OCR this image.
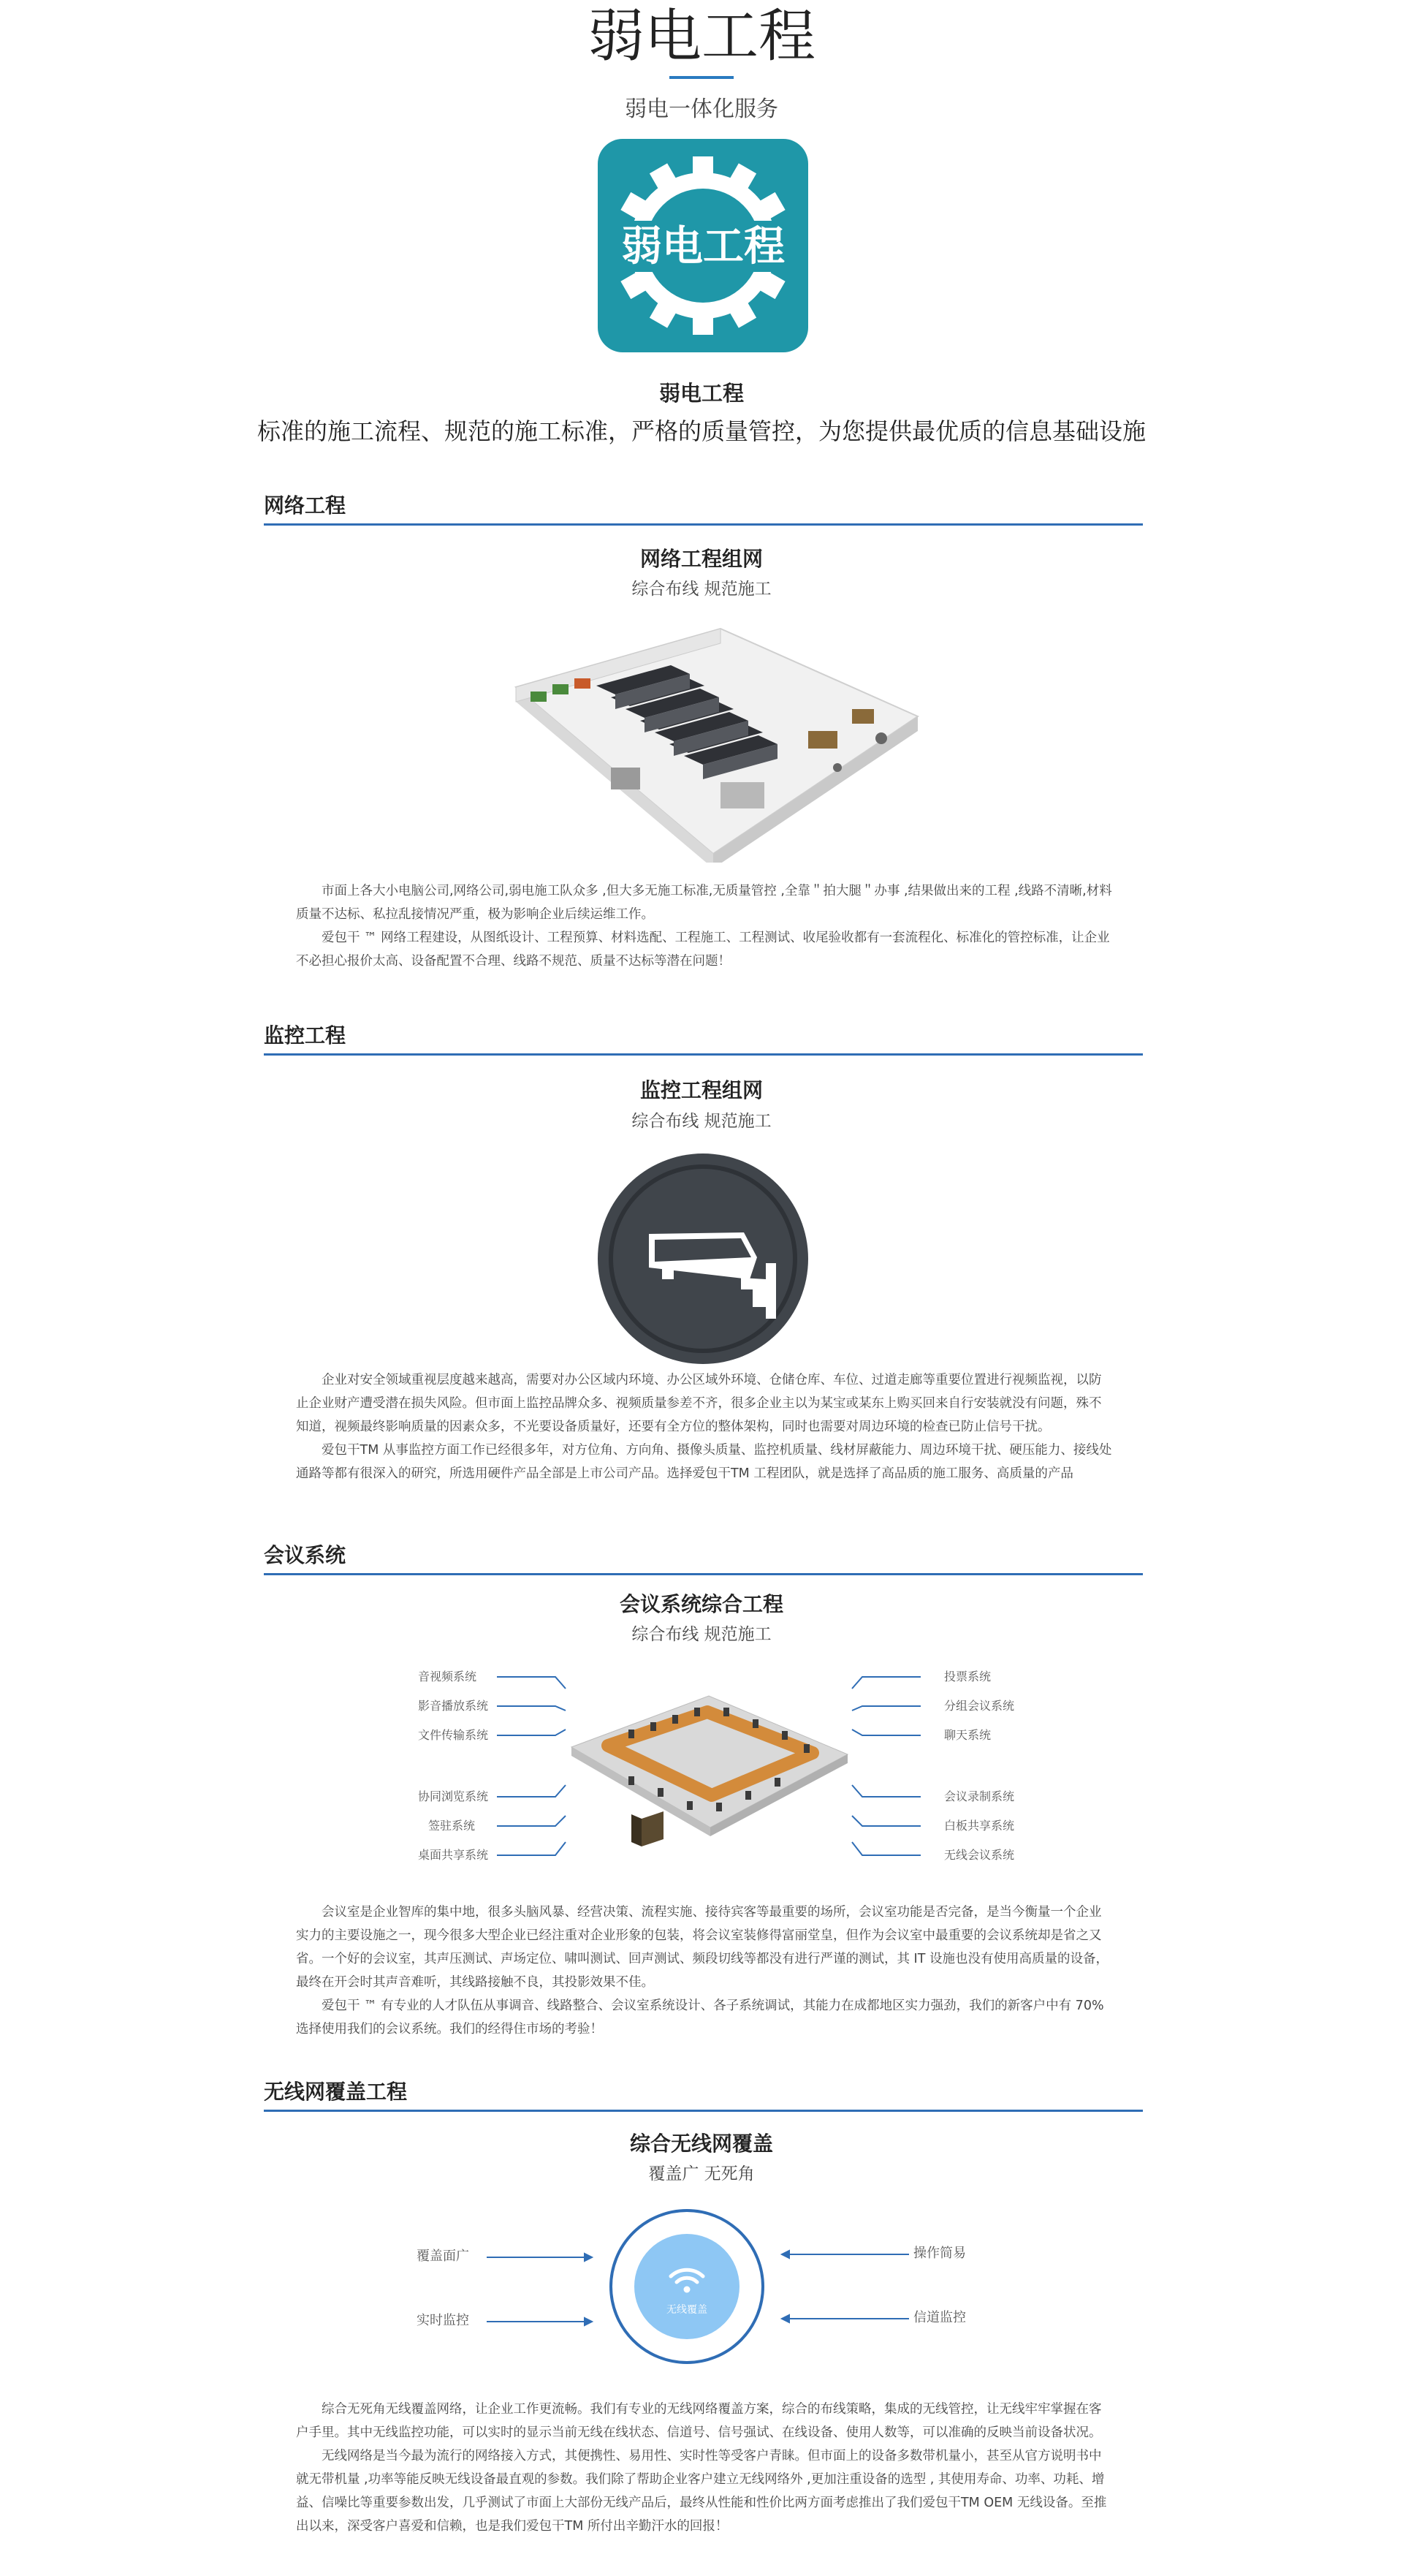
弱电工程
弱电一体化服务
弱电工程
弱电工程
标准的施工流程、规范的施工标准，严格的质量管控，为您提供最优质的信息基础设施
网络工程
网络工程组网
综合布线 规范施工

市面上各大小电脑公司,网络公司,弱电施工队众多 ,但大多无施工标准,无质量管控 ,全靠＂拍大腿＂办事 ,结果做出来的工程 ,线路不清晰,材料质量不达标、私拉乱接情况严重，极为影响企业后续运维工作。

爱包干 ™ 网络工程建设，从图纸设计、工程预算、材料选配、工程施工、工程测试、收尾验收都有一套流程化、标准化的管控标准，让企业不必担心报价太高、设备配置不合理、线路不规范、质量不达标等潜在问题！

监控工程
监控工程组网
综合布线 规范施工

企业对安全领域重视层度越来越高，需要对办公区域内环境、办公区域外环境、仓储仓库、车位、过道走廊等重要位置进行视频监视，以防止企业财产遭受潜在损失风险。但市面上监控品牌众多、视频质量参差不齐，很多企业主以为某宝或某东上购买回来自行安装就没有问题，殊不知道，视频最终影响质量的因素众多，不光要设备质量好，还要有全方位的整体架构，同时也需要对周边环境的检查已防止信号干扰。

爱包干TM 从事监控方面工作已经很多年，对方位角、方向角、摄像头质量、监控机质量、线材屏蔽能力、周边环境干扰、硬压能力、接线处通路等都有很深入的研究，所选用硬件产品全部是上市公司产品。选择爱包干TM 工程团队，就是选择了高品质的施工服务、高质量的产品

会议系统
会议系统综合工程
综合布线 规范施工
音视频系统
影音播放系统
文件传输系统
协同浏览系统
签驻系统
桌面共享系统
投票系统
分组会议系统
聊天系统
会议录制系统
白板共享系统
无线会议系统

会议室是企业智库的集中地，很多头脑风暴、经营决策、流程实施、接待宾客等最重要的场所，会议室功能是否完备，是当今衡量一个企业实力的主要设施之一，现今很多大型企业已经注重对企业形象的包装，将会议室装修得富丽堂皇，但作为会议室中最重要的会议系统却是省之又省。一个好的会议室，其声压测试、声场定位、啸叫测试、回声测试、频段切线等都没有进行严谨的测试，其 IT 设施也没有使用高质量的设备，最终在开会时其声音难听，其线路接触不良，其投影效果不佳。

爱包干 ™ 有专业的人才队伍从事调音、线路整合、会议室系统设计、各子系统调试，其能力在成都地区实力强劲，我们的新客户中有 70% 选择使用我们的会议系统。我们的经得住市场的考验！

无线网覆盖工程
综合无线网覆盖
覆盖广 无死角
覆盖面广
实时监控
操作简易
信道监控
无线覆盖

综合无死角无线覆盖网络，让企业工作更流畅。我们有专业的无线网络覆盖方案，综合的布线策略，集成的无线管控，让无线牢牢掌握在客户手里。其中无线监控功能，可以实时的显示当前无线在线状态、信道号、信号强试、在线设备、使用人数等，可以准确的反映当前设备状况。

无线网络是当今最为流行的网络接入方式，其便携性、易用性、实时性等受客户青睐。但市面上的设备多数带机量小，甚至从官方说明书中就无带机量 ,功率等能反映无线设备最直观的参数。我们除了帮助企业客户建立无线网络外 ,更加注重设备的选型 , 其使用寿命、功率、功耗、增益、信噪比等重要参数出发，几乎测试了市面上大部份无线产品后，最终从性能和性价比两方面考虑推出了我们爱包干TM OEM 无线设备。至推出以来，深受客户喜爱和信赖，也是我们爱包干TM 所付出辛勤汗水的回报！
